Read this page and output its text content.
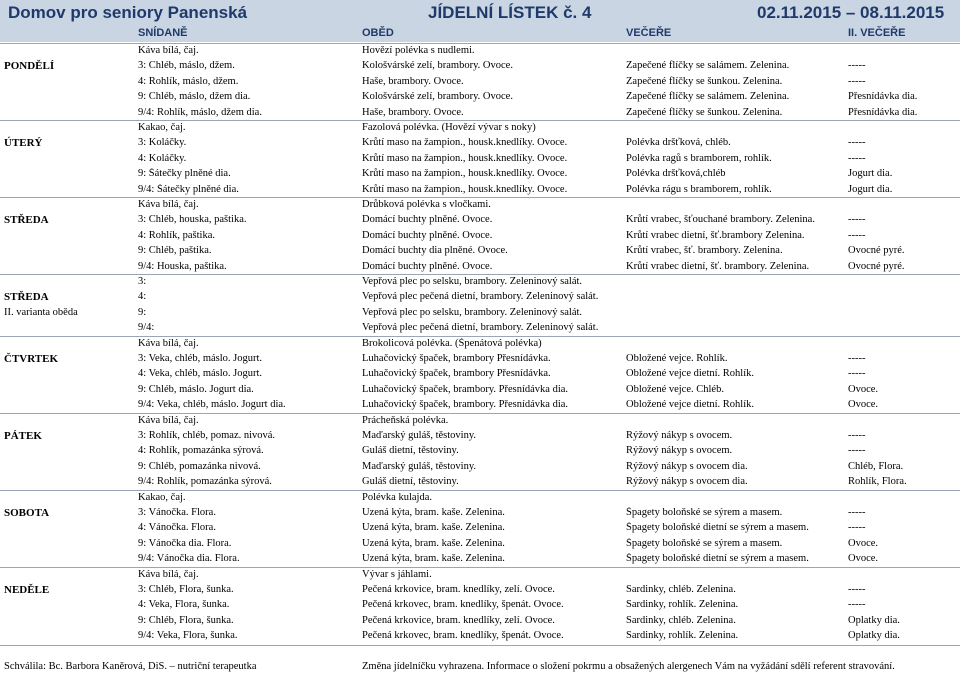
Domov pro seniory Panenská	JÍDELNÍ LÍSTEK č. 4	02.11.2015 – 08.11.2015
SNÍDANĚ	OBĚD	VEČEŘE	II. VEČEŘE
PONDĚLÍ
Káva bílá, čaj.	Hovězí polévka s nudlemi.
3: Chléb, máslo, džem.	Kološvárské zelí, brambory. Ovoce.	Zapečené flíčky se salámem. Zelenina.	-----
4: Rohlík, máslo, džem.	Haše, brambory. Ovoce.	Zapečené flíčky se šunkou. Zelenina.	-----
9: Chléb, máslo, džem dia.	Kološvárské zelí, brambory. Ovoce.	Zapečené flíčky se salámem. Zelenina.	Přesnídávka dia.
9/4: Rohlík, máslo, džem dia.	Haše, brambory. Ovoce.	Zapečené flíčky se šunkou. Zelenina.	Přesnídávka dia.
ÚTERÝ
Kakao, čaj.	Fazolová polévka. (Hovězí vývar s noky)
3: Koláčky.	Krůtí maso na žampion., housk.knedlíky. Ovoce.	Polévka dršťková, chléb.	-----
4: Koláčky.	Krůtí maso na žampion., housk.knedlíky. Ovoce.	Polévka ragů s bramborem, rohlík.	-----
9: Šátečky plněné dia.	Krůtí maso na žampion., housk.knedlíky. Ovoce.	Polévka dršťková,chléb	Jogurt dia.
9/4: Šátečky plněné dia.	Krůtí maso na žampion., housk.knedlíky. Ovoce.	Polévka rágu s bramborem, rohlík.	Jogurt dia.
STŘEDA
Káva bílá, čaj.	Drůbková polévka s vločkami.
3: Chléb, houska, paštika.	Domácí buchty plněné. Ovoce.	Krůtí vrabec, šťouchané brambory. Zelenina.	-----
4: Rohlík, paštika.	Domácí buchty plněné. Ovoce.	Krůtí vrabec dietní, šť.brambory Zelenina.	-----
9: Chléb, paštika.	Domácí buchty dia plněné. Ovoce.	Krůtí vrabec, šť. brambory. Zelenina.	Ovocné pyré.
9/4: Houska, paštika.	Domácí buchty plněné. Ovoce.	Krůtí vrabec dietní, šť. brambory. Zelenina.	Ovocné pyré.
STŘEDA
II. varianta oběda
3:	Vepřová plec po selsku, brambory. Zeleninový salát.
4:	Vepřová plec pečená dietní, brambory. Zeleninový salát.
9:	Vepřová plec po selsku, brambory. Zeleninový salát.
9/4:	Vepřová plec pečená dietní, brambory. Zeleninový salát.
ČTVRTEK
Káva bílá, čaj.	Brokolicová polévka. (Špenátová polévka)
3: Veka, chléb, máslo. Jogurt.	Luhačovický špaček, brambory Přesnídávka.	Obložené vejce. Rohlík.	-----
4: Veka, chléb, máslo. Jogurt.	Luhačovický špaček, brambory Přesnídávka.	Obložené vejce dietní. Rohlík.	-----
9: Chléb, máslo. Jogurt dia.	Luhačovický špaček, brambory. Přesnídávka dia.	Obložené vejce. Chléb.	Ovoce.
9/4: Veka, chléb, máslo. Jogurt dia.	Luhačovický špaček, brambory. Přesnídávka dia.	Obložené vejce dietní. Rohlík.	Ovoce.
PÁTEK
Káva bílá, čaj.	Prácheňská polévka.
3: Rohlík, chléb, pomaz. nivová.	Maďarský guláš, těstoviny.	Rýžový nákyp s ovocem.	-----
4: Rohlík, pomazánka sýrová.	Guláš dietní, těstoviny.	Rýžový nákyp s ovocem.	-----
9: Chléb, pomazánka nivová.	Maďarský guláš, těstoviny.	Rýžový nákyp s ovocem dia.	Chléb, Flora.
9/4: Rohlík, pomazánka sýrová.	Guláš dietní, těstoviny.	Rýžový nákyp s ovocem dia.	Rohlík, Flora.
SOBOTA
Kakao, čaj.	Polévka kulajda.
3: Vánočka. Flora.	Uzená kýta, bram. kaše. Zelenina.	Špagety boloňské se sýrem a masem.	-----
4: Vánočka. Flora.	Uzená kýta, bram. kaše. Zelenina.	Špagety boloňské dietní se sýrem a masem.	-----
9: Vánočka dia. Flora.	Uzená kýta, bram. kaše. Zelenina.	Špagety boloňské se sýrem a masem.	Ovoce.
9/4: Vánočka dia. Flora.	Uzená kýta, bram. kaše. Zelenina.	Špagety boloňské dietní se sýrem a masem.	Ovoce.
NEDĚLE
Káva bílá, čaj.	Vývar s jáhlami.
3: Chléb, Flora, šunka.	Pečená krkovice, bram. knedlíky, zelí. Ovoce.	Sardinky, chléb. Zelenina.	-----
4: Veka, Flora, šunka.	Pečená krkovec, bram. knedlíky, špenát. Ovoce.	Sardinky, rohlík. Zelenina.	-----
9: Chléb, Flora, šunka.	Pečená krkovice, bram. knedlíky, zelí. Ovoce.	Sardinky, chléb. Zelenina.	Oplatky dia.
9/4: Veka, Flora, šunka.	Pečená krkovec, bram. knedlíky, špenát. Ovoce.	Sardinky, rohlík. Zelenina.	Oplatky dia.
Schválila: Bc. Barbora Kaněrová, DiS. – nutriční terapeutka	Změna jídelníčku vyhrazena. Informace o složení pokrmu a obsažených alergenech Vám na vyžádání sdělí referent stravování.
